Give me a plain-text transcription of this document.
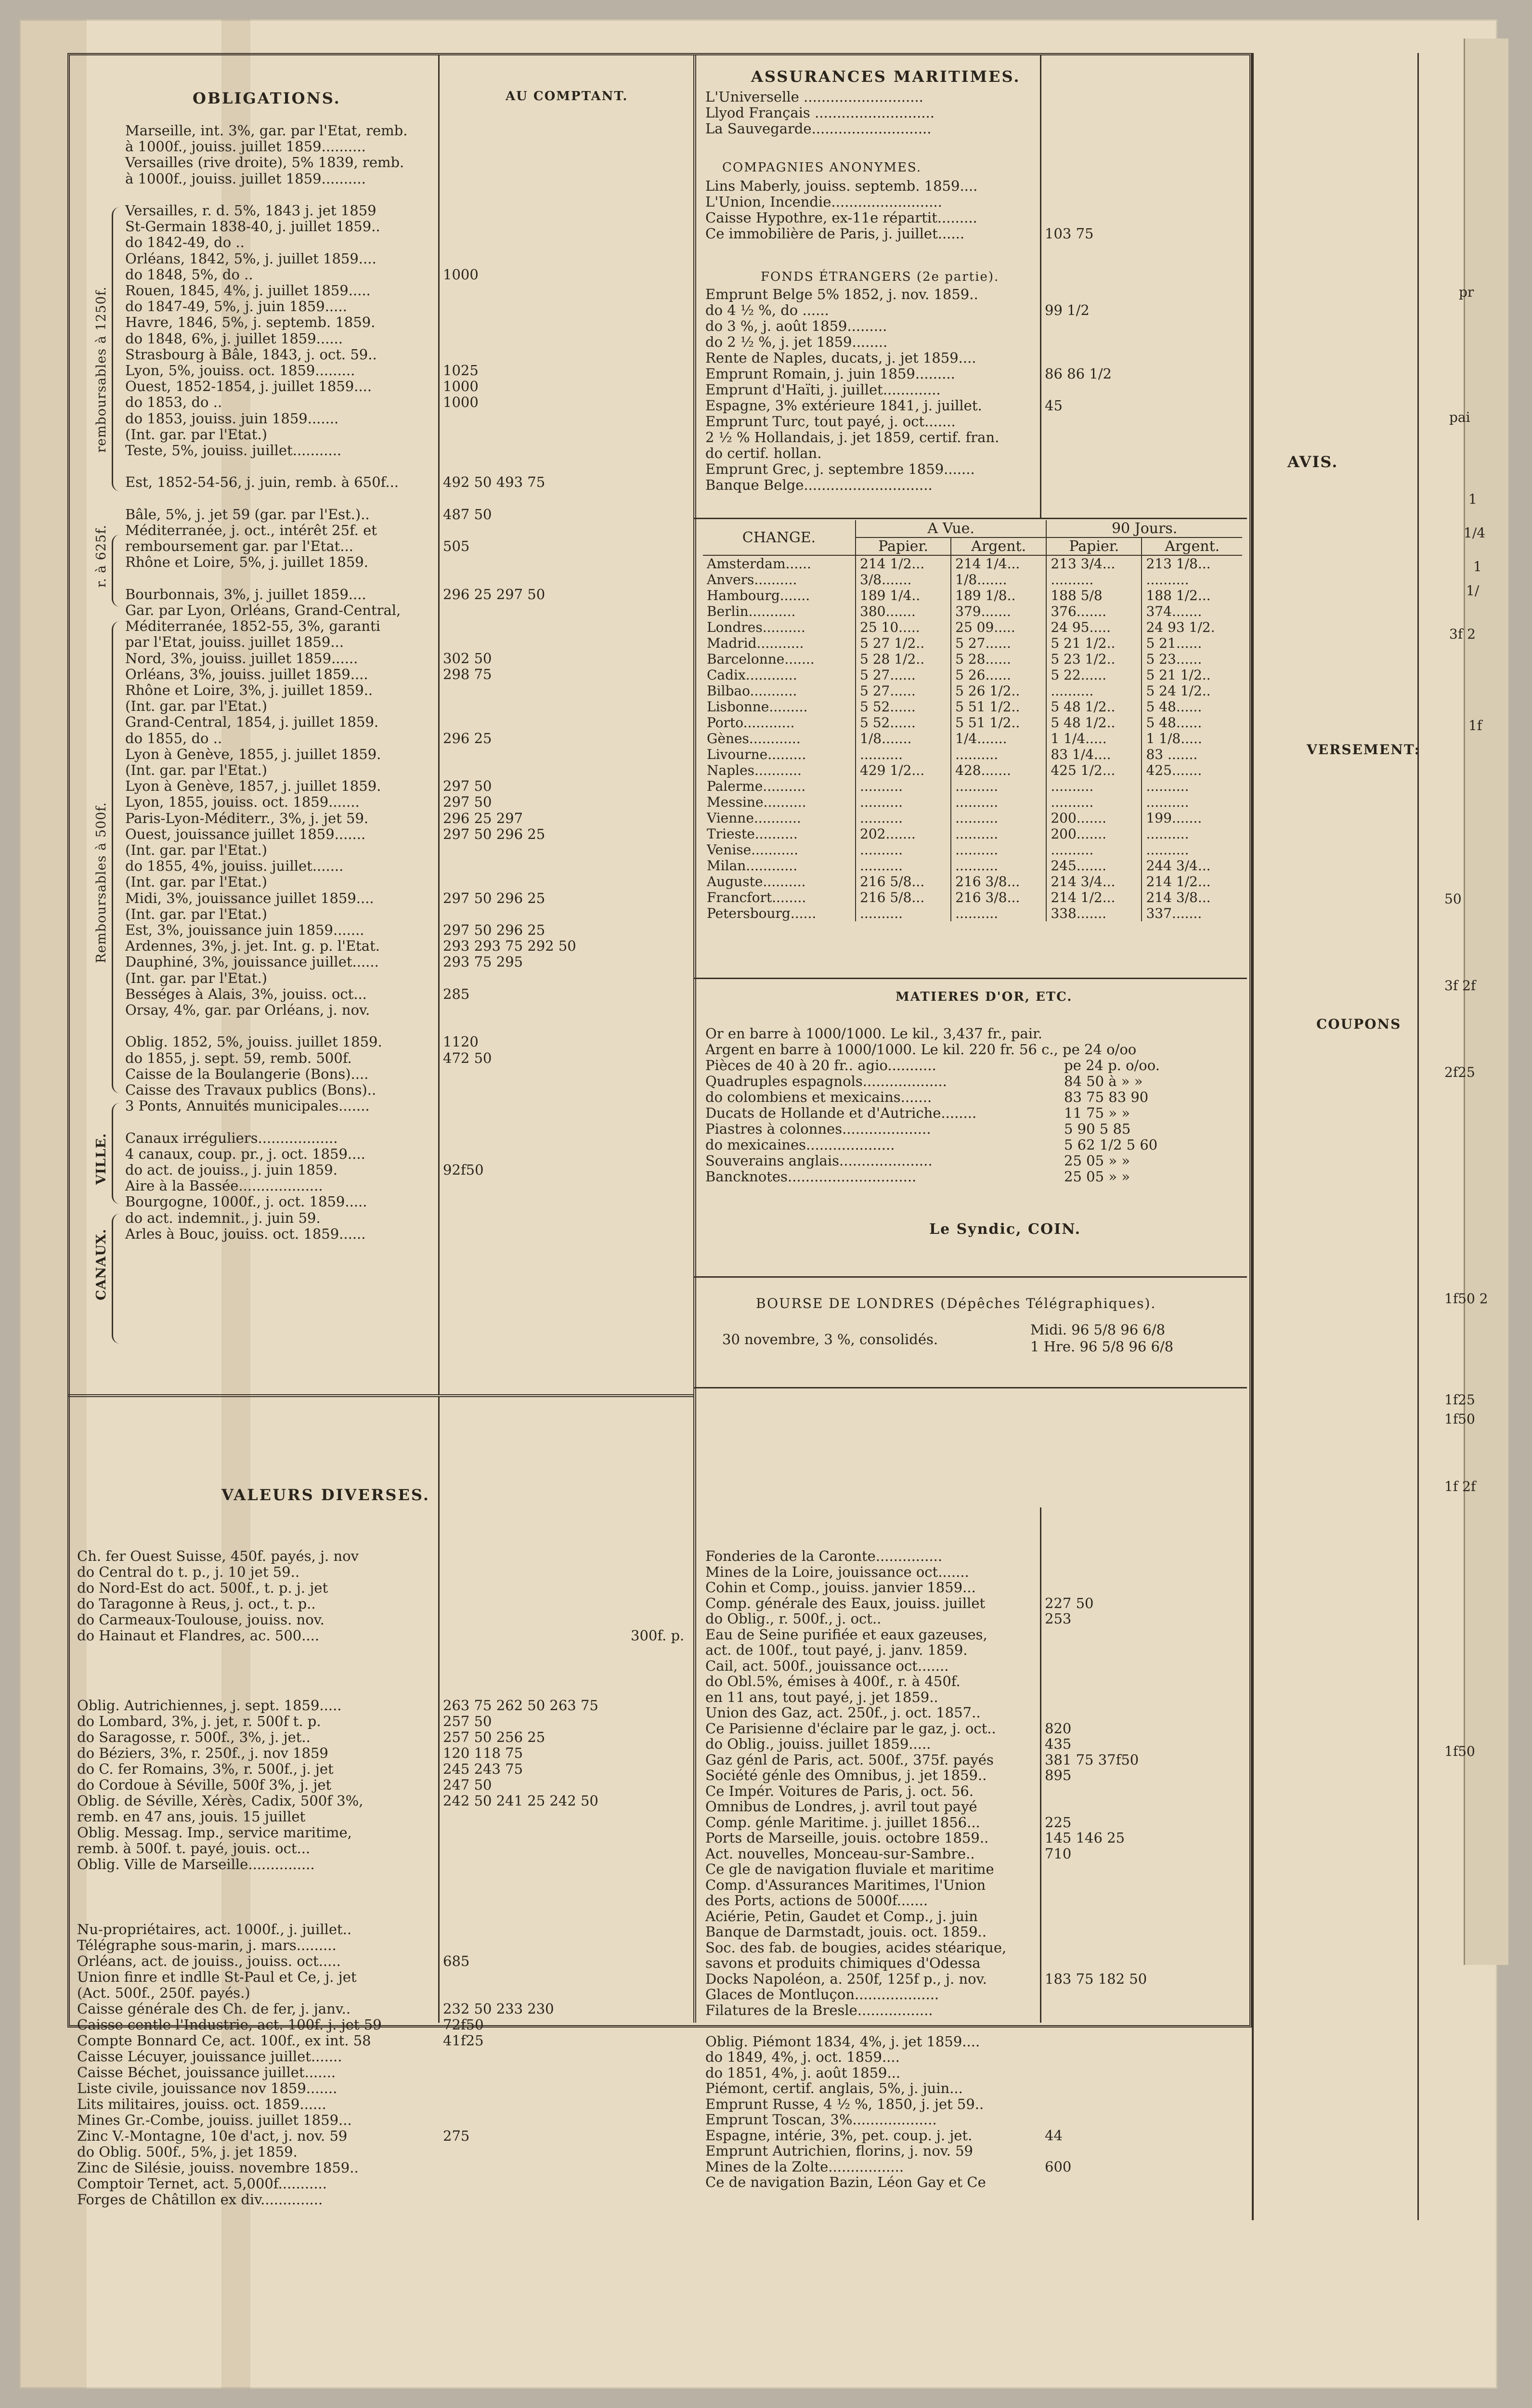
OBLIGATIONS.	AU COMPTANT.
ASSURANCES MARITIMES.
COMPAGNIES ANONYMES.
FONDS ÉTRANGERS (2e partie).
VALEURS DIVERSES.
remboursables à 1250f.
r. à 625f.
Remboursables à 500f.
VILLE.
CANAUX.
Marseille, int. 3%, gar. par l'Etat, remb.
à 1000f., jouiss. juillet 1859..........
Versailles (rive droite), 5% 1839, remb.
à 1000f., jouiss. juillet 1859..........
Versailles, r. d. 5%, 1843 j. jet 1859
St-Germain 1838-40, j. juillet 1859..
do 1842-49, do ..
Orléans, 1842, 5%, j. juillet 1859....
do 1848, 5%, do ..	1000
Rouen, 1845, 4%, j. juillet 1859.....
do 1847-49, 5%, j. juin 1859.....
Havre, 1846, 5%, j. septemb. 1859.
do 1848, 6%, j. juillet 1859......
Strasbourg à Bâle, 1843, j. oct. 59..
Lyon, 5%, jouiss. oct. 1859.........	1025
Ouest, 1852-1854, j. juillet 1859....	1000
do 1853, do ..	1000
do 1853, jouiss. juin 1859.......
(Int. gar. par l'Etat.)
Teste, 5%, jouiss. juillet...........
Est, 1852-54-56, j. juin, remb. à 650f...	492 50 493 75
Bâle, 5%, j. jet 59 (gar. par l'Est.)..	487 50
Méditerranée, j. oct., intérêt 25f. et
remboursement gar. par l'Etat...	505
Rhône et Loire, 5%, j. juillet 1859.
Bourbonnais, 3%, j. juillet 1859....	296 25 297 50
Gar. par Lyon, Orléans, Grand-Central,
Méditerranée, 1852-55, 3%, garanti
par l'Etat, jouiss. juillet 1859...
Nord, 3%, jouiss. juillet 1859......	302 50
Orléans, 3%, jouiss. juillet 1859....	298 75
Rhône et Loire, 3%, j. juillet 1859..
(Int. gar. par l'Etat.)
Grand-Central, 1854, j. juillet 1859.
do 1855, do ..	296 25
Lyon à Genève, 1855, j. juillet 1859.
(Int. gar. par l'Etat.)
Lyon à Genève, 1857, j. juillet 1859.	297 50
Lyon, 1855, jouiss. oct. 1859.......	297 50
Paris-Lyon-Méditerr., 3%, j. jet 59.	296 25 297
Ouest, jouissance juillet 1859.......	297 50 296 25
(Int. gar. par l'Etat.)
do 1855, 4%, jouiss. juillet.......
(Int. gar. par l'Etat.)
Midi, 3%, jouissance juillet 1859....	297 50 296 25
(Int. gar. par l'Etat.)
Est, 3%, jouissance juin 1859.......	297 50 296 25
Ardennes, 3%, j. jet. Int. g. p. l'Etat.	293 293 75 292 50
Dauphiné, 3%, jouissance juillet......	293 75 295
(Int. gar. par l'Etat.)
Bességes à Alais, 3%, jouiss. oct...	285
Orsay, 4%, gar. par Orléans, j. nov.
Oblig. 1852, 5%, jouiss. juillet 1859.	1120
do 1855, j. sept. 59, remb. 500f.	472 50
Caisse de la Boulangerie (Bons)....
Caisse des Travaux publics (Bons)..
3 Ponts, Annuités municipales.......
Canaux irréguliers..................
4 canaux, coup. pr., j. oct. 1859....
do act. de jouiss., j. juin 1859.	92f50
Aire à la Bassée...................
Bourgogne, 1000f., j. oct. 1859.....
do act. indemnit., j. juin 59.
Arles à Bouc, jouiss. oct. 1859......
L'Universelle ...........................
Llyod Français ...........................
La Sauvegarde...........................
Lins Maberly, jouiss. septemb. 1859....
L'Union, Incendie.........................
Caisse Hypothre, ex-11e répartit.........
Ce immobilière de Paris, j. juillet......	103 75
Emprunt Belge 5% 1852, j. nov. 1859..
do 4 ½ %, do ......	99 1/2
do 3 %, j. août 1859.........
do 2 ½ %, j. jet 1859........
Rente de Naples, ducats, j. jet 1859....
Emprunt Romain, j. juin 1859.........	86 86 1/2
Emprunt d'Haïti, j. juillet.............
Espagne, 3% extérieure 1841, j. juillet.	45
Emprunt Turc, tout payé, j. oct.......
2 ½ % Hollandais, j. jet 1859, certif. fran.
do certif. hollan.
Emprunt Grec, j. septembre 1859.......
Banque Belge.............................
CHANGE.	A Vue.		90 Jours.	
	Papier.	Argent.	Papier.	Argent.
Amsterdam......	214 1/2...	214 1/4...	213 3/4...	213 1/8...
Anvers..........	3/8.......	1/8.......	..........	..........
Hambourg.......	189 1/4..	189 1/8..	188 5/8	188 1/2...
Berlin...........	380.......	379.......	376.......	374.......
Londres..........	25 10.....	25 09.....	24 95.....	24 93 1/2.
Madrid...........	5 27 1/2..	5 27......	5 21 1/2..	5 21......
Barcelonne.......	5 28 1/2..	5 28......	5 23 1/2..	5 23......
Cadix............	5 27......	5 26......	5 22......	5 21 1/2..
Bilbao...........	5 27......	5 26 1/2..	..........	5 24 1/2..
Lisbonne.........	5 52......	5 51 1/2..	5 48 1/2..	5 48......
Porto............	5 52......	5 51 1/2..	5 48 1/2..	5 48......
Gènes............	1/8.......	1/4.......	1 1/4.....	1 1/8.....
Livourne.........	..........	..........	83 1/4....	83 .......
Naples...........	429 1/2...	428.......	425 1/2...	425.......
Palerme..........	..........	..........	..........	..........
Messine..........	..........	..........	..........	..........
Vienne...........	..........	..........	200.......	199.......
Trieste..........	202.......	..........	200.......	..........
Venise...........	..........	..........	..........	..........
Milan............	..........	..........	245.......	244 3/4...
Auguste..........	216 5/8...	216 3/8...	214 3/4...	214 1/2...
Francfort........	216 5/8...	216 3/8...	214 1/2...	214 3/8...
Petersbourg......	..........	..........	338.......	337.......
MATIERES D'OR, ETC.
Or en barre à 1000/1000. Le kil., 3,437 fr., pair.
Argent en barre à 1000/1000. Le kil. 220 fr. 56 c., pe 24 o/oo
Pièces de 40 à 20 fr.. agio...........	pe 24 p. o/oo.
Quadruples espagnols...................	84 50 à » »
do colombiens et mexicains.......	83 75 83 90
Ducats de Hollande et d'Autriche........	11 75 » »
Piastres à colonnes....................	5 90 5 85
do mexicaines....................	5 62 1/2 5 60
Souverains anglais.....................	25 05 » »
Bancknotes.............................	25 05 » »
Le Syndic, COIN.
BOURSE DE LONDRES (Dépêches Télégraphiques).
30 novembre, 3 %, consolidés.
Midi. 96 5/8 96 6/8
1 Hre. 96 5/8 96 6/8
Ch. fer Ouest Suisse, 450f. payés, j. nov
do Central do t. p., j. 10 jet 59..
do Nord-Est do act. 500f., t. p. j. jet
do Taragonne à Reus, j. oct., t. p..
do Carmeaux-Toulouse, jouiss. nov.
do Hainaut et Flandres, ac. 500....	300f. p.
Oblig. Autrichiennes, j. sept. 1859.....	263 75 262 50 263 75
do Lombard, 3%, j. jet, r. 500f t. p.	257 50
do Saragosse, r. 500f., 3%, j. jet..	257 50 256 25
do Béziers, 3%, r. 250f., j. nov 1859	120 118 75
do C. fer Romains, 3%, r. 500f., j. jet	245 243 75
do Cordoue à Séville, 500f 3%, j. jet	247 50
Oblig. de Séville, Xérès, Cadix, 500f 3%,	242 50 241 25 242 50
remb. en 47 ans, jouis. 15 juillet
Oblig. Messag. Imp., service maritime,
remb. à 500f. t. payé, jouis. oct...
Oblig. Ville de Marseille...............
Nu-propriétaires, act. 1000f., j. juillet..
Télégraphe sous-marin, j. mars.........
Orléans, act. de jouiss., jouiss. oct.....	685
Union finre et indlle St-Paul et Ce, j. jet
(Act. 500f., 250f. payés.)
Caisse générale des Ch. de fer, j. janv..	232 50 233 230
Caisse centle l'Industrie, act. 100f. j. jet 59	72f50
Compte Bonnard Ce, act. 100f., ex int. 58	41f25
Caisse Lécuyer, jouissance juillet.......
Caisse Béchet, jouissance juillet.......
Liste civile, jouissance nov 1859.......
Lits militaires, jouiss. oct. 1859......
Mines Gr.-Combe, jouiss. juillet 1859...
Zinc V.-Montagne, 10e d'act, j. nov. 59	275
do Oblig. 500f., 5%, j. jet 1859.
Zinc de Silésie, jouiss. novembre 1859..
Comptoir Ternet, act. 5,000f...........
Forges de Châtillon ex div..............
Fonderies de la Caronte...............
Mines de la Loire, jouissance oct.......
Cohin et Comp., jouiss. janvier 1859...
Comp. générale des Eaux, jouiss. juillet	227 50
do Oblig., r. 500f., j. oct..	253
Eau de Seine purifiée et eaux gazeuses,
act. de 100f., tout payé, j. janv. 1859.
Cail, act. 500f., jouissance oct.......
do Obl.5%, émises à 400f., r. à 450f.
en 11 ans, tout payé, j. jet 1859..
Union des Gaz, act. 250f., j. oct. 1857..
Ce Parisienne d'éclaire par le gaz, j. oct..	820
do Oblig., jouiss. juillet 1859.....	435
Gaz génl de Paris, act. 500f., 375f. payés	381 75 37f50
Société génle des Omnibus, j. jet 1859..	895
Ce Impér. Voitures de Paris, j. oct. 56.
Omnibus de Londres, j. avril tout payé
Comp. génle Maritime. j. juillet 1856...	225
Ports de Marseille, jouis. octobre 1859..	145 146 25
Act. nouvelles, Monceau-sur-Sambre..	710
Ce gle de navigation fluviale et maritime
Comp. d'Assurances Maritimes, l'Union
des Ports, actions de 5000f.......
Aciérie, Petin, Gaudet et Comp., j. juin
Banque de Darmstadt, jouis. oct. 1859..
Soc. des fab. de bougies, acides stéarique,
savons et produits chimiques d'Odessa
Docks Napoléon, a. 250f, 125f p., j. nov.	183 75 182 50
Glaces de Montluçon...................
Filatures de la Bresle.................
Oblig. Piémont 1834, 4%, j. jet 1859....
do 1849, 4%, j. oct. 1859....
do 1851, 4%, j. août 1859...
Piémont, certif. anglais, 5%, j. juin...
Emprunt Russe, 4 ½ %, 1850, j. jet 59..
Emprunt Toscan, 3%...................
Espagne, intérie, 3%, pet. coup. j. jet.	44
Emprunt Autrichien, florins, j. nov. 59
Mines de la Zolte.................	600
Ce de navigation Bazin, Léon Gay et Ce
AVIS.
VERSEMENT:
COUPONS
pr
pai
1
1/4
1
1/
3f 2
1f
50
3f 2f
2f25
1f50 2
1f25
1f50
1f 2f
1f50
